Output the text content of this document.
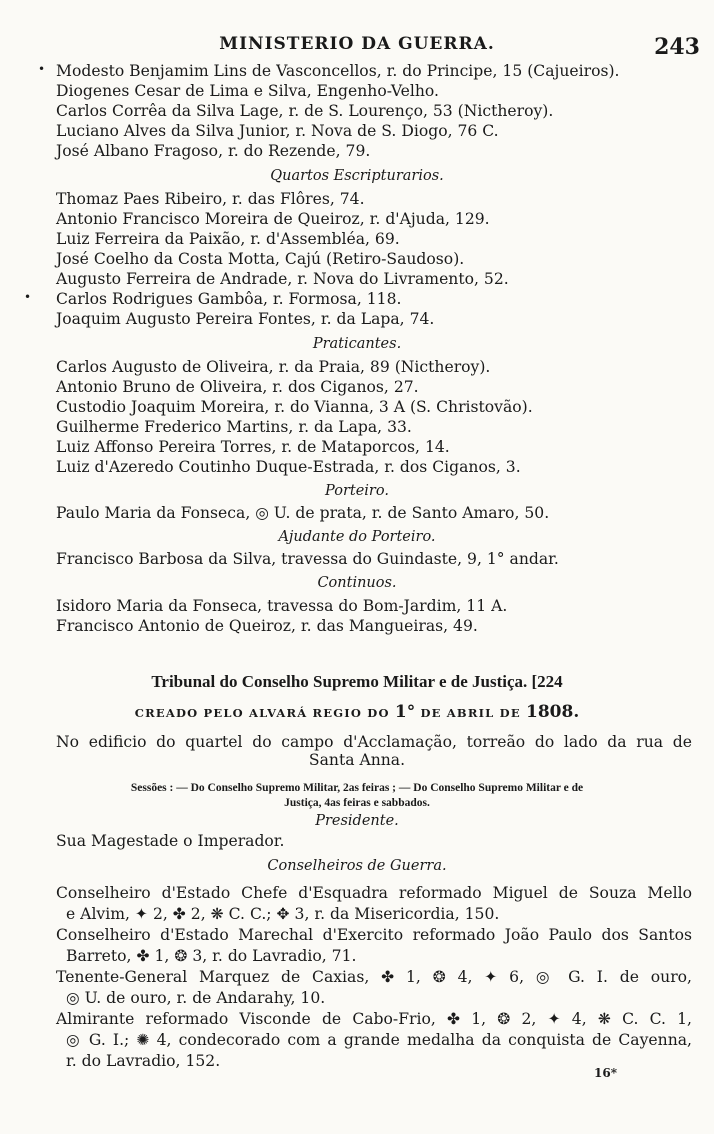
MINISTERIO DA GUERRA.	243
Modesto Benjamim Lins de Vasconcellos, r. do Principe, 15 (Cajueiros).
Diogenes Cesar de Lima e Silva, Engenho-Velho.
Carlos Corrêa da Silva Lage, r. de S. Lourenço, 53 (Nictheroy).
Luciano Alves da Silva Junior, r. Nova de S. Diogo, 76 C.
José Albano Fragoso, r. do Rezende, 79.
Quartos Escripturarios.
Thomaz Paes Ribeiro, r. das Flôres, 74.
Antonio Francisco Moreira de Queiroz, r. d'Ajuda, 129.
Luiz Ferreira da Paixão, r. d'Assembléa, 69.
José Coelho da Costa Motta, Cajú (Retiro-Saudoso).
Augusto Ferreira de Andrade, r. Nova do Livramento, 52.
Carlos Rodrigues Gambôa, r. Formosa, 118.
Joaquim Augusto Pereira Fontes, r. da Lapa, 74.
Praticantes.
Carlos Augusto de Oliveira, r. da Praia, 89 (Nictheroy).
Antonio Bruno de Oliveira, r. dos Ciganos, 27.
Custodio Joaquim Moreira, r. do Vianna, 3 A (S. Christovão).
Guilherme Frederico Martins, r. da Lapa, 33.
Luiz Affonso Pereira Torres, r. de Mataporcos, 14.
Luiz d'Azeredo Coutinho Duque-Estrada, r. dos Ciganos, 3.
Porteiro.
Paulo Maria da Fonseca, ◎ U. de prata, r. de Santo Amaro, 50.
Ajudante do Porteiro.
Francisco Barbosa da Silva, travessa do Guindaste, 9, 1° andar.
Continuos.
Isidoro Maria da Fonseca, travessa do Bom-Jardim, 11 A.
Francisco Antonio de Queiroz, r. das Mangueiras, 49.
Tribunal do Conselho Supremo Militar e de Justiça. [224
CREADO PELO ALVARÁ REGIO DO 1° DE ABRIL DE 1808.
No edificio do quartel do campo d'Acclamação, torreão do lado da rua de
Santa Anna.
Sessões : — Do Conselho Supremo Militar, 2as feiras ; — Do Conselho Supremo Militar e de
Justiça, 4as feiras e sabbados.
Presidente.
Sua Magestade o Imperador.
Conselheiros de Guerra.
Conselheiro d'Estado Chefe d'Esquadra reformado Miguel de Souza Mello
e Alvim, ✦ 2, ✤ 2, ❋ C. C.; ✥ 3, r. da Misericordia, 150.
Conselheiro d'Estado Marechal d'Exercito reformado João Paulo dos Santos
Barreto, ✤ 1, ❂ 3, r. do Lavradio, 71.
Tenente-General Marquez de Caxias, ✤ 1, ❂ 4, ✦ 6, ◎ G. I. de ouro,
◎ U. de ouro, r. de Andarahy, 10.
Almirante reformado Visconde de Cabo-Frio, ✤ 1, ❂ 2, ✦ 4, ❋ C. C. 1,
◎ G. I.; ✺ 4, condecorado com a grande medalha da conquista de Cayenna,
r. do Lavradio, 152.
16*
•
•
